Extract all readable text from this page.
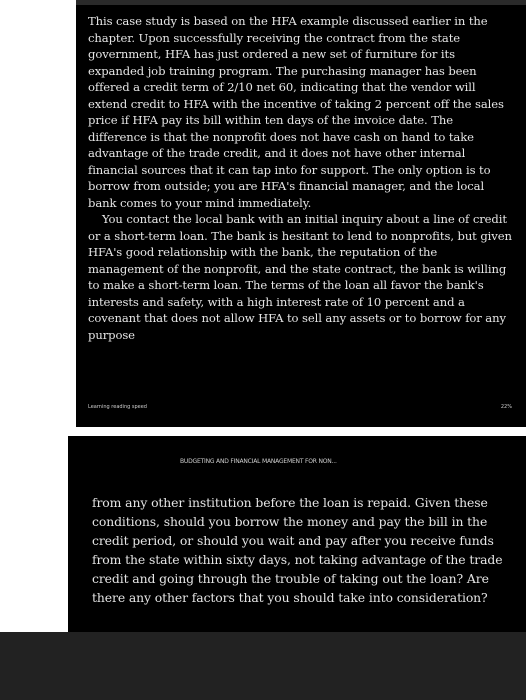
This case study is based on the HFA example discussed earlier in the chapter. Upon successfully receiving the contract from the state government, HFA has just ordered a new set of furniture for its expanded job training program. The purchasing manager has been offered a credit term of 2/10 net 60, indicating that the vendor will extend credit to HFA with the incentive of taking 2 percent off the sales price if HFA pay its bill within ten days of the invoice date. The difference is that the nonprofit does not have cash on hand to take advantage of the trade credit, and it does not have other internal financial sources that it can tap into for support. The only option is to borrow from outside; you are HFA's financial manager, and the local bank comes to your mind immediately.

You contact the local bank with an initial inquiry about a line of credit or a short-term loan. The bank is hesitant to lend to nonprofits, but given HFA's good relationship with the bank, the reputation of the management of the nonprofit, and the state contract, the bank is willing to make a short-term loan. The terms of the loan all favor the bank's interests and safety, with a high interest rate of 10 percent and a covenant that does not allow HFA to sell any assets or to borrow for any purpose

Learning reading speed	22%
BUDGETING AND FINANCIAL MANAGEMENT FOR NON...

from any other institution before the loan is repaid. Given these conditions, should you borrow the money and pay the bill in the credit period, or should you wait and pay after you receive funds from the state within sixty days, not taking advantage of the trade credit and going through the trouble of taking out the loan? Are there any other factors that you should take into consideration?
